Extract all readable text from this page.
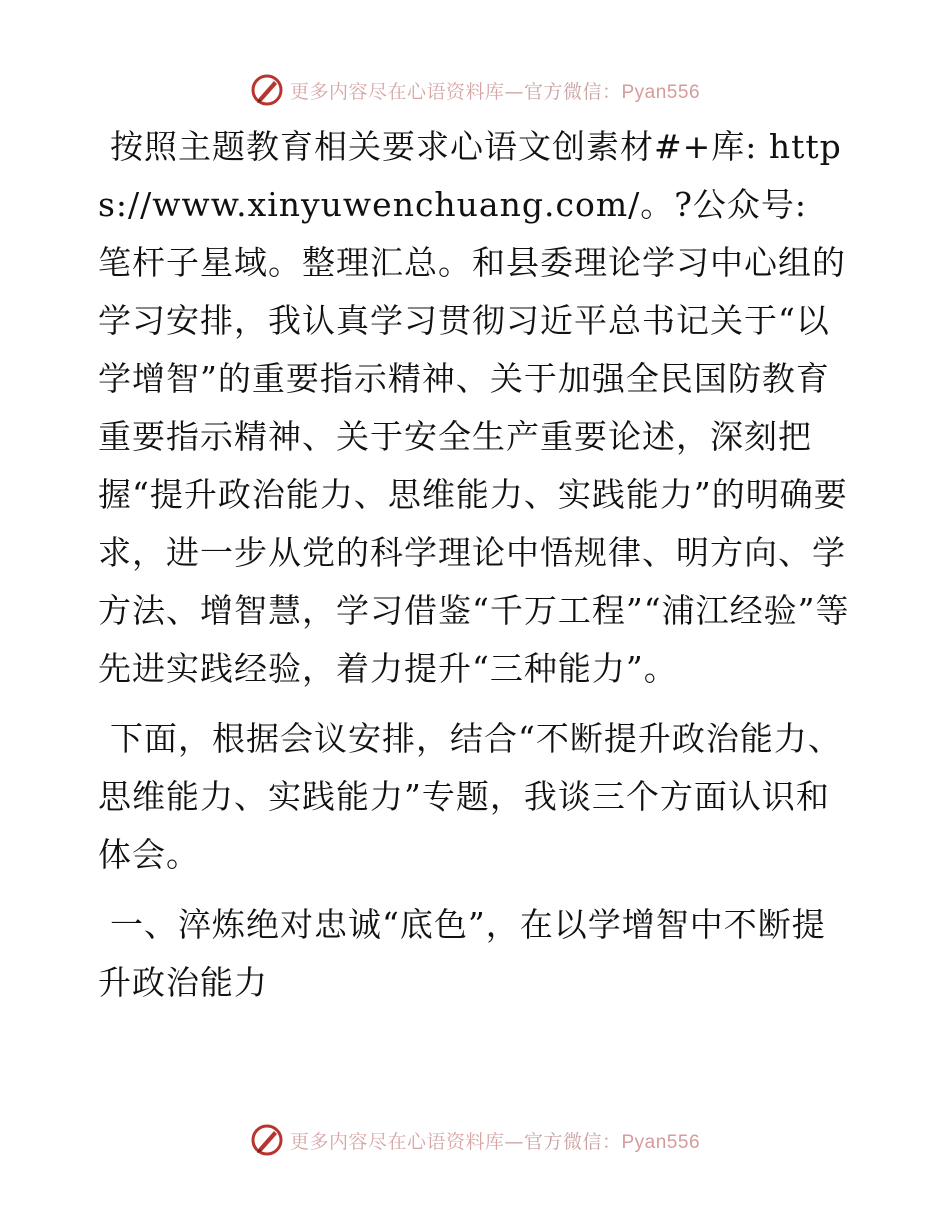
更多内容尽在心语资料库—官方微信：Pyan556

按照主题教育相关要求心语文创素材#+库: https://www.xinyuwenchuang.com/。?公众号: 笔杆子星域。整理汇总。和县委理论学习中心组的学习安排，我认真学习贯彻习近平总书记关于“以学增智”的重要指示精神、关于加强全民国防教育重要指示精神、关于安全生产重要论述，深刻把握“提升政治能力、思维能力、实践能力”的明确要求，进一步从党的科学理论中悟规律、明方向、学方法、增智慧，学习借鉴“千万工程”“浦江经验”等先进实践经验，着力提升“三种能力”。

下面，根据会议安排，结合“不断提升政治能力、思维能力、实践能力”专题，我谈三个方面认识和体会。

一、淬炼绝对忠诚“底色”，在以学增智中不断提升政治能力

更多内容尽在心语资料库—官方微信：Pyan556
